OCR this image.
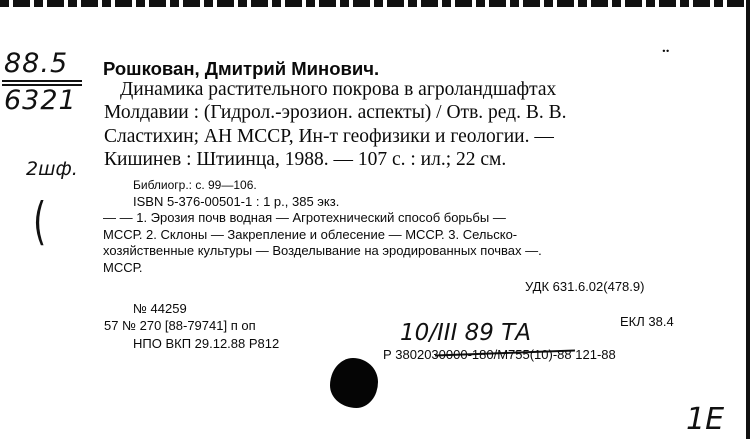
88.5
6321
2шф.
(
..
Рошкован, Дмитрий Минович.
Динамика растительного покрова в агроландшафтах
Молдавии : (Гидрол.-эрозион. аспекты) / Отв. ред. В. В.
Сластихин; АН МССР, Ин-т геофизики и геологии. —
Кишинев : Штиинца, 1988. — 107 с. : ил.; 22 см.
Библиогр.: с. 99—106.
ISBN 5-376-00501-1 : 1 р., 385 экз.
— — 1. Эрозия почв водная — Агротехнический способ борьбы —
МССР. 2. Склоны — Закрепление и облесение — МССР. 3. Сельско-
хозяйственные культуры — Возделывание на эродированных почвах —.
МССР.
УДК 631.6.02(478.9)
№ 44259
ЕКЛ 38.4
57 № 270 [88-79741] п оп
НПО ВКП 29.12.88 Р812	10/III 89 ТА
Р 3802030000-180/М755(10)-88 121-88
1Е
